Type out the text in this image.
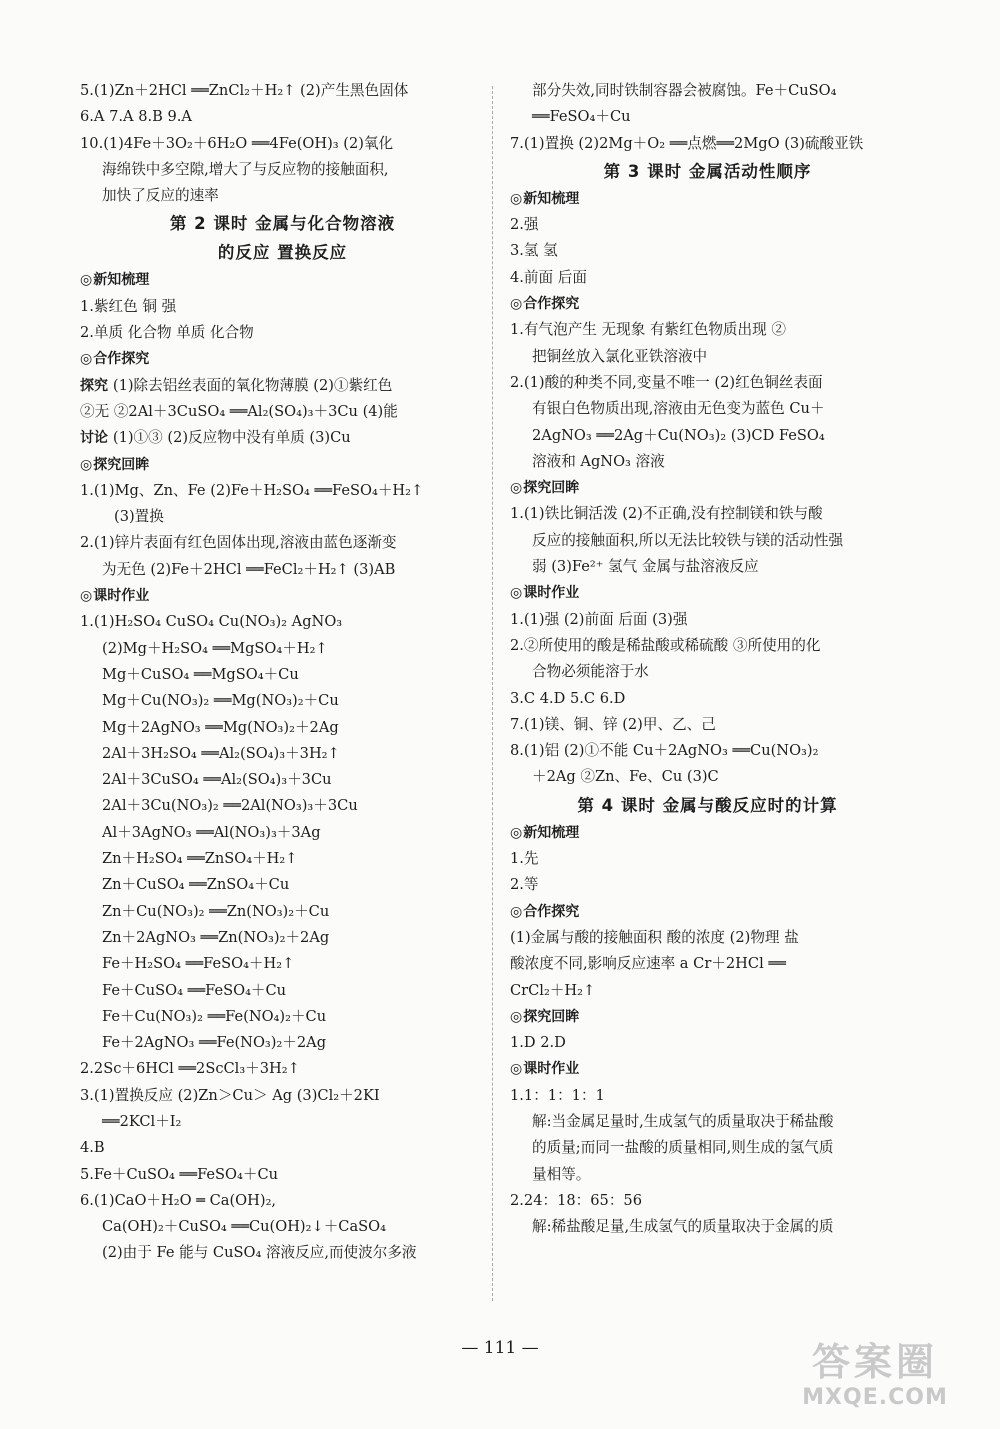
5.(1)Zn＋2HCl ══ZnCl₂＋H₂↑ (2)产生黑色固体
6.A 7.A 8.B 9.A
10.(1)4Fe＋3O₂＋6H₂O ══4Fe(OH)₃ (2)氧化
海绵铁中多空隙,增大了与反应物的接触面积,
加快了反应的速率
第 2 课时 金属与化合物溶液
的反应 置换反应
◎ 新知梳理
1.紫红色 铜 强
2.单质 化合物 单质 化合物
◎ 合作探究
探究 (1)除去铝丝表面的氧化物薄膜 (2)①紫红色
②无 ②2Al＋3CuSO₄ ══Al₂(SO₄)₃＋3Cu (4)能
讨论 (1)①③ (2)反应物中没有单质 (3)Cu
◎ 探究回眸
1.(1)Mg、Zn、Fe (2)Fe＋H₂SO₄ ══FeSO₄＋H₂↑
(3)置换
2.(1)锌片表面有红色固体出现,溶液由蓝色逐渐变
为无色 (2)Fe＋2HCl ══FeCl₂＋H₂↑ (3)AB
◎ 课时作业
1.(1)H₂SO₄ CuSO₄ Cu(NO₃)₂ AgNO₃
(2)Mg＋H₂SO₄ ══MgSO₄＋H₂↑
Mg＋CuSO₄ ══MgSO₄＋Cu
Mg＋Cu(NO₃)₂ ══Mg(NO₃)₂＋Cu
Mg＋2AgNO₃ ══Mg(NO₃)₂＋2Ag
2Al＋3H₂SO₄ ══Al₂(SO₄)₃＋3H₂↑
2Al＋3CuSO₄ ══Al₂(SO₄)₃＋3Cu
2Al＋3Cu(NO₃)₂ ══2Al(NO₃)₃＋3Cu
Al＋3AgNO₃ ══Al(NO₃)₃＋3Ag
Zn＋H₂SO₄ ══ZnSO₄＋H₂↑
Zn＋CuSO₄ ══ZnSO₄＋Cu
Zn＋Cu(NO₃)₂ ══Zn(NO₃)₂＋Cu
Zn＋2AgNO₃ ══Zn(NO₃)₂＋2Ag
Fe＋H₂SO₄ ══FeSO₄＋H₂↑
Fe＋CuSO₄ ══FeSO₄＋Cu
Fe＋Cu(NO₃)₂ ══Fe(NO₄)₂＋Cu
Fe＋2AgNO₃ ══Fe(NO₃)₂＋2Ag
2.2Sc＋6HCl ══2ScCl₃＋3H₂↑
3.(1)置换反应 (2)Zn＞Cu＞ Ag (3)Cl₂＋2KI
══2KCl＋I₂
4.B
5.Fe＋CuSO₄ ══FeSO₄＋Cu
6.(1)CaO＋H₂O ═ Ca(OH)₂,
Ca(OH)₂＋CuSO₄ ══Cu(OH)₂↓＋CaSO₄
(2)由于 Fe 能与 CuSO₄ 溶液反应,而使波尔多液
部分失效,同时铁制容器会被腐蚀。Fe＋CuSO₄
══FeSO₄＋Cu
7.(1)置换 (2)2Mg＋O₂ ══点燃══2MgO (3)硫酸亚铁
第 3 课时 金属活动性顺序
◎ 新知梳理
2.强
3.氢 氢
4.前面 后面
◎ 合作探究
1.有气泡产生 无现象 有紫红色物质出现 ②
把铜丝放入氯化亚铁溶液中
2.(1)酸的种类不同,变量不唯一 (2)红色铜丝表面
有银白色物质出现,溶液由无色变为蓝色 Cu＋
2AgNO₃ ══2Ag＋Cu(NO₃)₂ (3)CD FeSO₄
溶液和 AgNO₃ 溶液
◎ 探究回眸
1.(1)铁比铜活泼 (2)不正确,没有控制镁和铁与酸
反应的接触面积,所以无法比较铁与镁的活动性强
弱 (3)Fe²⁺ 氢气 金属与盐溶液反应
◎ 课时作业
1.(1)强 (2)前面 后面 (3)强
2.②所使用的酸是稀盐酸或稀硫酸 ③所使用的化
合物必须能溶于水
3.C 4.D 5.C 6.D
7.(1)镁、铜、锌 (2)甲、乙、己
8.(1)铝 (2)①不能 Cu＋2AgNO₃ ══Cu(NO₃)₂
＋2Ag ②Zn、Fe、Cu (3)C
第 4 课时 金属与酸反应时的计算
◎ 新知梳理
1.先
2.等
◎ 合作探究
(1)金属与酸的接触面积 酸的浓度 (2)物理 盐
酸浓度不同,影响反应速率 a Cr＋2HCl ══
CrCl₂＋H₂↑
◎ 探究回眸
1.D 2.D
◎ 课时作业
1.1：1：1：1
解:当金属足量时,生成氢气的质量取决于稀盐酸
的质量;而同一盐酸的质量相同,则生成的氢气质
量相等。
2.24：18：65：56
解:稀盐酸足量,生成氢气的质量取决于金属的质
— 111 —	答案圈
MXQE.COM
